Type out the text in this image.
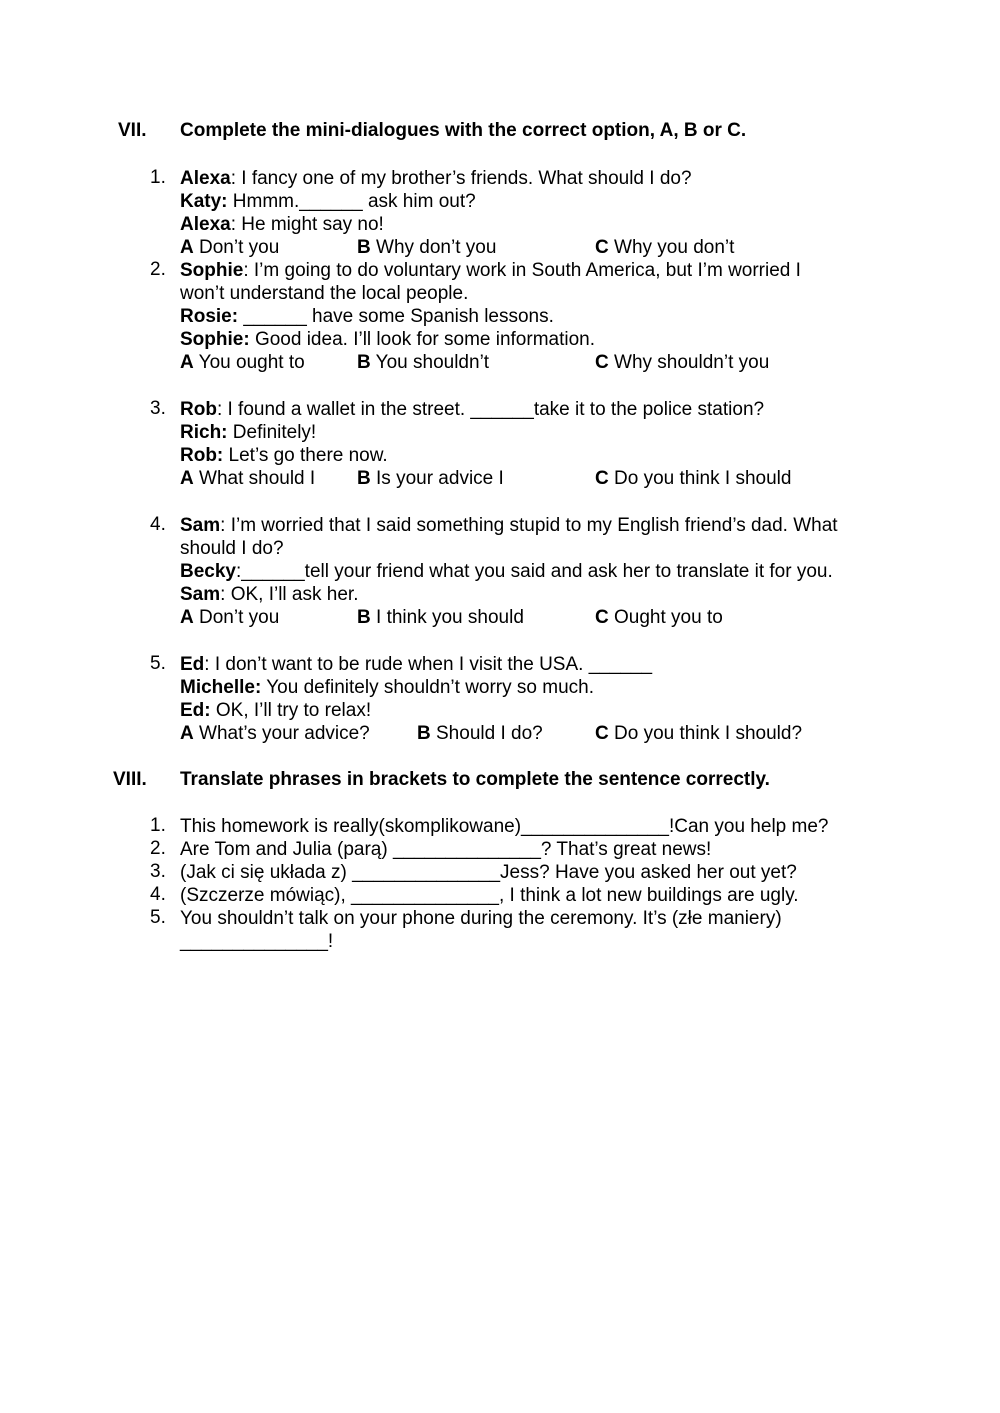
VII. Complete the mini-dialogues with the correct option, A, B or C.
1. Alexa: I fancy one of my brother’s friends. What should I do?
Katy: Hmmm.______ ask him out?
Alexa: He might say no!
A Don’t you	B Why don’t you	C Why you don’t
2. Sophie: I’m going to do voluntary work in South America, but I’m worried I
won’t understand the local people.
Rosie: ______ have some Spanish lessons.
Sophie: Good idea. I’ll look for some information.
A You ought to	B You shouldn’t	C Why shouldn’t you
3. Rob: I found a wallet in the street. ______take it to the police station?
Rich: Definitely!
Rob: Let’s go there now.
A What should I B Is your advice I	C Do you think I should
4. Sam: I’m worried that I said something stupid to my English friend’s dad. What
should I do?
Becky:______tell your friend what you said and ask her to translate it for you.
Sam: OK, I’ll ask her.
A Don’t you	B I think you should	C Ought you to
5. Ed: I don’t want to be rude when I visit the USA. ______
Michelle: You definitely shouldn’t worry so much.
Ed: OK, I’ll try to relax!
A What’s your advice? B Should I do?	C Do you think I should?
VIII. Translate phrases in brackets to complete the sentence correctly.
1. This homework is really(skomplikowane)______________!Can you help me?
2. Are Tom and Julia (parą) ______________? That’s great news!
3. (Jak ci się układa z) ______________Jess? Have you asked her out yet?
4. (Szczerze mówiąc), ______________, I think a lot new buildings are ugly.
5. You shouldn’t talk on your phone during the ceremony. It’s (złe maniery)
______________!
